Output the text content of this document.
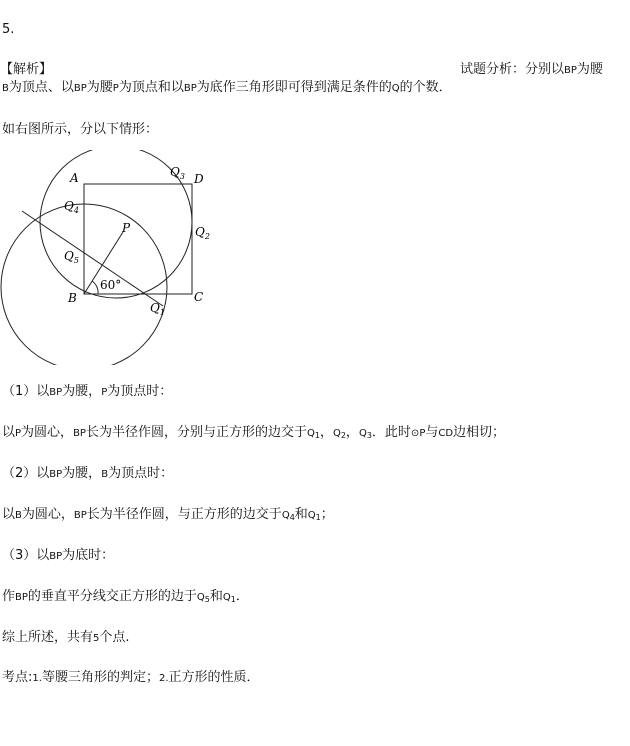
5.
【解析】	试题分析：分别以BP为腰
B为顶点、以BP为腰P为顶点和以BP为底作三角形即可得到满足条件的Q的个数．
如右图所示，分以下情形：
A	D
B	C
P
$Q_3$
$Q_4$
$Q_2$
$Q_5$
$Q_1$
60°
（1）以BP为腰，P为顶点时：
以P为圆心，BP长为半径作圆，分别与正方形的边交于$Q_1$，$Q_2$，$Q_3$．此时⊙P与CD边相切；
（2）以BP为腰，B为顶点时：
以B为圆心，BP长为半径作圆，与正方形的边交于$Q_4$和$Q_1$；
（3）以BP为底时：
作BP的垂直平分线交正方形的边于$Q_5$和$Q_1$．
综上所述，共有5个点.
考点:1.等腰三角形的判定；2.正方形的性质．
